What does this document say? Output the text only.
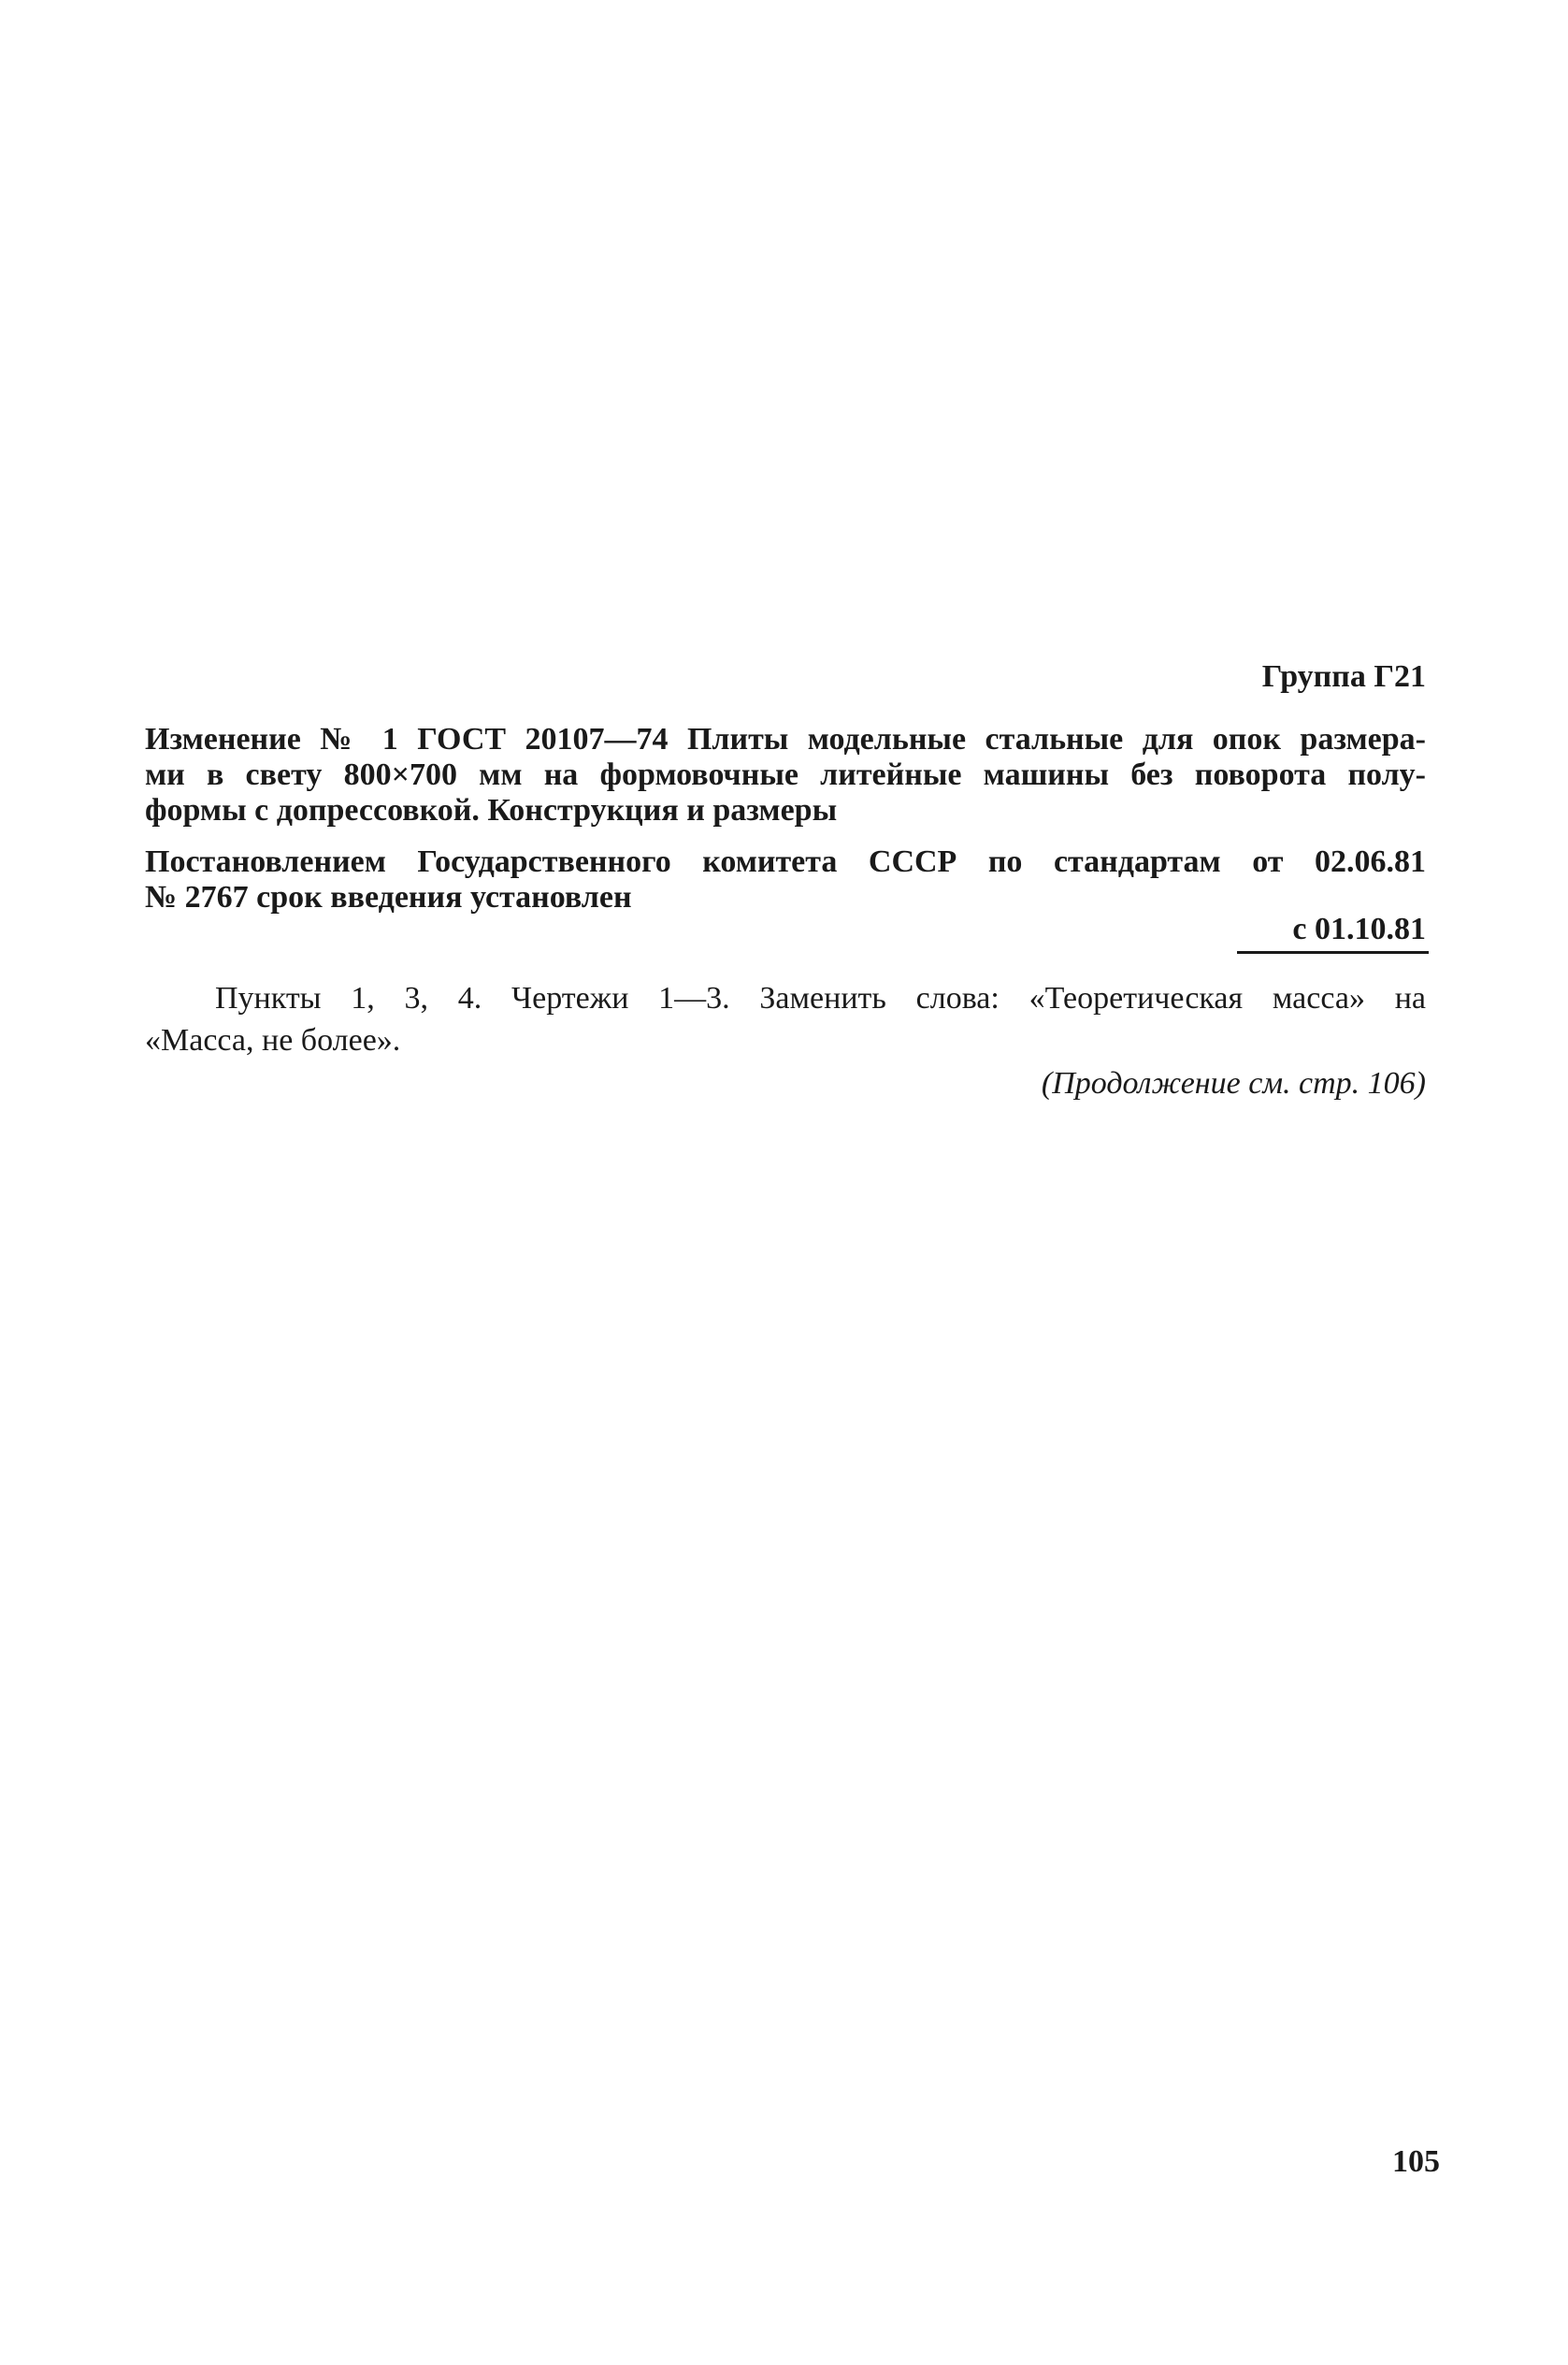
Группа Г21
Изменение № 1 ГОСТ 20107—74 Плиты модельные стальные для опок размера-
ми в свету 800×700 мм на формовочные литейные машины без поворота полу-
формы с допрессовкой. Конструкция и размеры
Постановлением Государственного комитета СССР по стандартам от 02.06.81
№ 2767 срок введения установлен
с 01.10.81
Пункты 1, 3, 4. Чертежи 1—3. Заменить слова: «Теоретическая масса» на
«Масса, не более».
(Продолжение см. стр. 106)
105
